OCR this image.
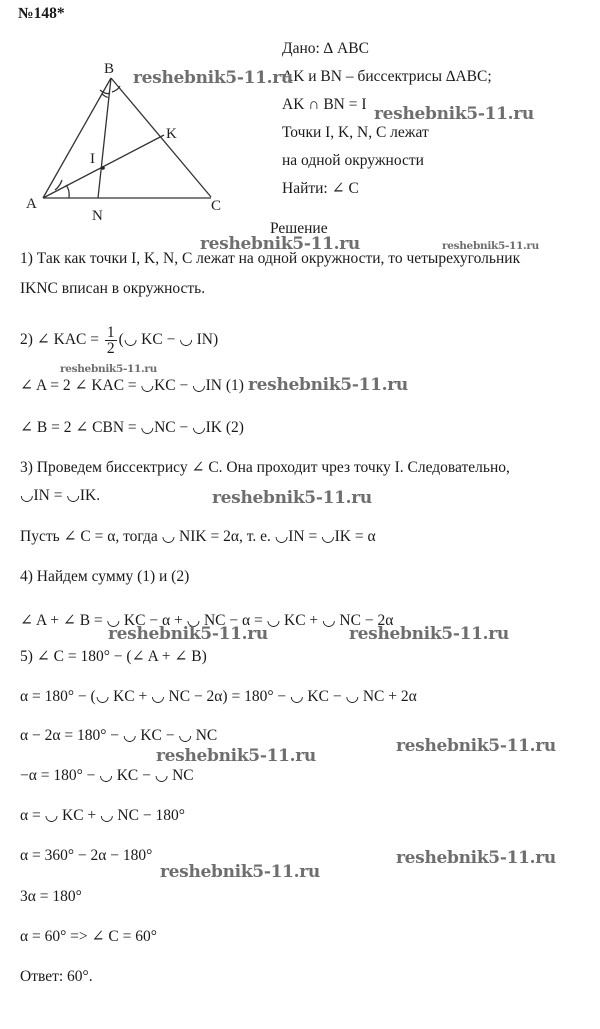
№148*
B
A	C
K
N
I
Дано: ∆ ABC
AK и BN – биссектрисы ∆ABC;
AK ∩ BN = I
Точки I, K, N, C лежат
на одной окружности
Найти: ∠ C
Решение
1) Так как точки I, K, N, C лежат на одной окружности, то четырехугольник
IKNC вписан в окружность.
2) ∠ KAC = $\frac{1}{2}$ (◡ KC − ◡ IN)
∠ A = 2 ∠ KAC = ◡KC − ◡IN (1)
∠ B = 2 ∠ CBN = ◡NC − ◡IK (2)
3) Проведем биссектрису ∠ C. Она проходит чрез точку I. Следовательно,
◡IN = ◡IK.
Пусть ∠ C = α, тогда ◡ NIK = 2α, т. е. ◡IN = ◡IK = α
4) Найдем сумму (1) и (2)
∠ A + ∠ B = ◡ KC − α + ◡ NC − α = ◡ KC + ◡ NC − 2α
5) ∠ C = 180° − (∠ A + ∠ B)
α = 180° − (◡ KC + ◡ NC − 2α) = 180° − ◡ KC − ◡ NC + 2α
α − 2α = 180° − ◡ KC − ◡ NC
−α = 180° − ◡ KC − ◡ NC
α = ◡ KC + ◡ NC − 180°
α = 360° − 2α − 180°
3α = 180°
α = 60° => ∠ C = 60°
Ответ: 60°.
reshebnik5-11.ru
reshebnik5-11.ru
reshebnik5-11.ru	reshebnik5-11.ru
reshebnik5-11.ru
reshebnik5-11.ru
reshebnik5-11.ru
reshebnik5-11.ru	reshebnik5-11.ru
reshebnik5-11.ru
reshebnik5-11.ru
reshebnik5-11.ru
reshebnik5-11.ru
